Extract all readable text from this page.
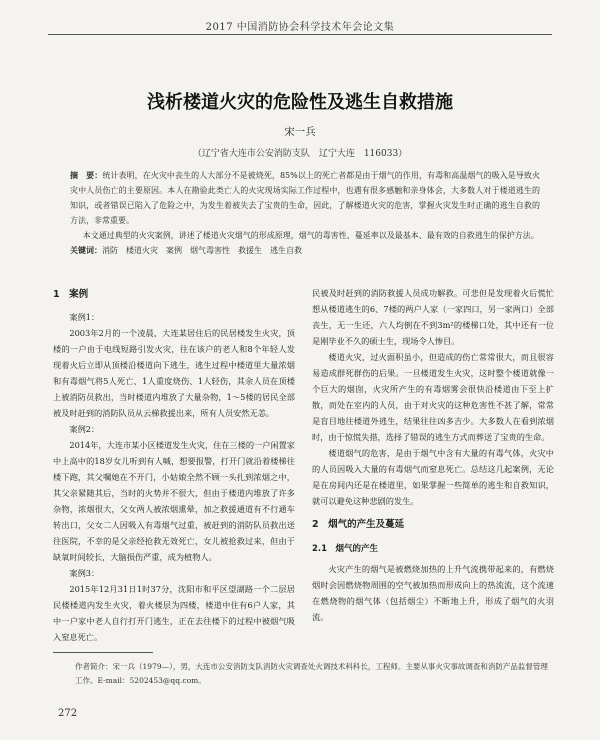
2017 中国消防协会科学技术年会论文集
浅析楼道火灾的危险性及逃生自救措施
宋一兵
（辽宁省大连市公安消防支队　辽宁大连　116033）

摘　要：统计表明，在火灾中丧生的人大部分不是被烧死，85%以上的死亡者都是由于烟气的作用，有毒和高温烟气的吸入是导致火灾中人员伤亡的主要原因。本人在勘验此类亡人的火灾现场实际工作过程中，也遇有很多感触和亲身体会，大多数人对于楼道逃生的知识，或者错误已陷入了危险之中，为发生着被失去了宝贵的生命，因此，了解楼道火灾的危害，掌握火灾发生时正确的逃生自救的方法，非常重要。

本文通过典型的火灾案例，讲述了楼道火灾烟气的形成原理，烟气的毒害性、蔓延率以及最基本、最有效的自救逃生的保护方法。

关键词：消防　楼道火灾　案例　烟气毒害性　救援生　逃生自救
1　案例

案例1：

2003年2月的一个凌晨，大连某居住后的民居楼发生火灾，顶楼的一户由于电线短路引发火灾，往在该户的老人和8个年轻人发现着火后立即从顶楼沿楼道向下逃生，逃生过程中楼道里大量浓烟和有毒烟气将5人死亡、1人重度烧伤、1人轻伤，其余人员在顶楼上被消防员救出，当时楼道内堆放了大量杂物，1～5楼的居民全部被及时赶到的消防队员从云梯救援出来，所有人员安然无恙。

案例2：

2014年，大连市某小区楼道发生火灾，住在三楼的一户闲置家中上高中的18岁女儿听到有人喊，想要报警，打开门就沿着楼梯往楼下跑，其父嘱她在不开门，小姑娘全然不顾一头扎到浓烟之中，其父亲紧随其后，当时的火势并不很大，但由于楼道内堆放了许多杂物，浓烟很大，父女两人被浓烟熏晕，加之救援通道有不行通车转出口，父女二人因吸入有毒烟气过重，被赶到的消防队员救出送往医院，不幸的是父亲经抢救无效死亡，女儿被抢救过来，但由于缺氧时间较长，大脑损伤严重，成为植物人。

案例3：

2015年12月31日1时37分，沈阳市和平区望湖路一个二层居民楼楼道内发生火灾，着火楼层为四楼，楼道中住有6户人家，其中一户家中老人自行打开门逃生，正在去往楼下的过程中被烟气吸入窒息死亡。

民被及时赶到的消防救援人员成功解救。可悲但是发现着火后慌忙想从楼道逃生的6、7楼的两户人家（一家四口，另一家两口）全部丧生，无一生还，六人均倒在不到3m²的楼梯口处，其中还有一位是刚毕业不久的硕士生，现场令人惨目。

楼道火灾，过火面积虽小，但造成的伤亡常常很大，而且很容易造成群死群伤的后果。一旦楼道发生火灾，这时整个楼道就像一个巨大的烟囱，火灾所产生的有毒烟雾会很快沿楼道由下至上扩散，而处在室内的人员，由于对火灾的这种危害性不甚了解，常常是盲目地往楼道外逃生，结果往往凶多吉少。大多数人在看到浓烟时，由于惊慌失措，选择了错误的逃生方式而葬送了宝贵的生命。

楼道烟气的危害，是由于烟气中含有大量的有毒气体，火灾中的人员因吸入大量的有毒烟气而窒息死亡。总结这几起案例，无论是在房间内还是在楼道里，如果掌握一些简单的逃生和自救知识，就可以避免这种悲剧的发生。

2　烟气的产生及蔓延
2.1　烟气的产生

火灾产生的烟气是被燃烧加热的上升气流携带起来的，有燃烧烟时会因燃烧物周围的空气被加热而形成向上的热流流，这个流速在燃烧物的烟气体（包括烟尘）不断地上升，形成了烟气的火羽流。

作者简介：宋一兵（1979—），男，大连市公安消防支队消防火灾调查处火调技术科科长，工程师。主要从事火灾事故调查和消防产品监督管理工作。E-mail：5202453@qq.com。
272
